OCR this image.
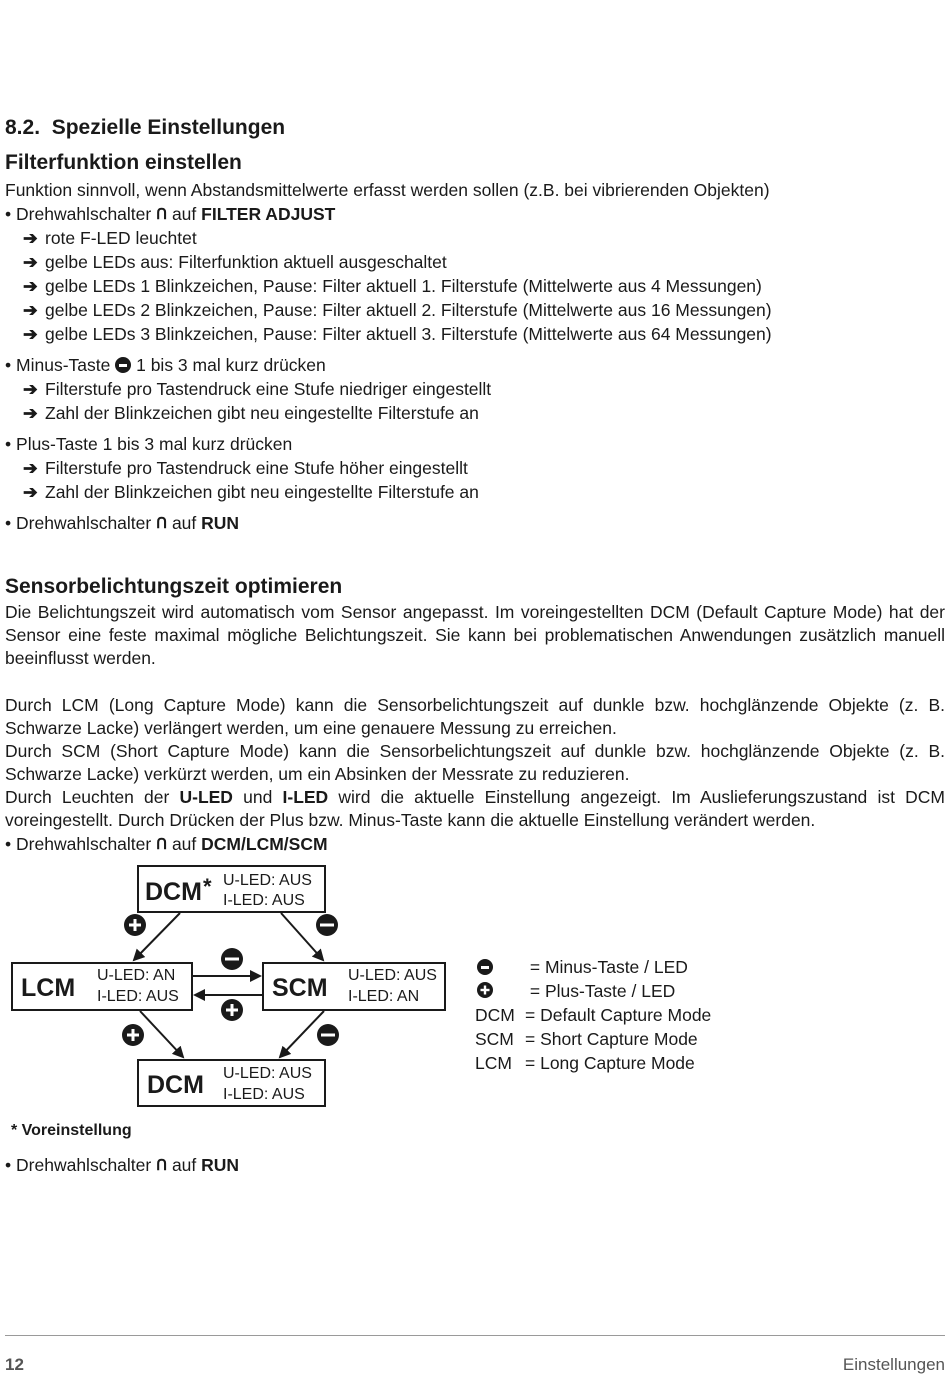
8.2. Spezielle Einstellungen
Filterfunktion einstellen
Funktion sinnvoll, wenn Abstandsmittelwerte erfasst werden sollen (z.B. bei vibrierenden Objekten)
• Drehwahlschalter ᑎ auf FILTER ADJUST
➔ rote F-LED leuchtet
➔ gelbe LEDs aus: Filterfunktion aktuell ausgeschaltet
➔ gelbe LEDs 1 Blinkzeichen, Pause: Filter aktuell 1. Filterstufe (Mittelwerte aus 4 Messungen)
➔ gelbe LEDs 2 Blinkzeichen, Pause: Filter aktuell 2. Filterstufe (Mittelwerte aus 16 Messungen)
➔ gelbe LEDs 3 Blinkzeichen, Pause: Filter aktuell 3. Filterstufe (Mittelwerte aus 64 Messungen)
• Minus-Taste 1 bis 3 mal kurz drücken
➔ Filterstufe pro Tastendruck eine Stufe niedriger eingestellt
➔ Zahl der Blinkzeichen gibt neu eingestellte Filterstufe an
• Plus-Taste 1 bis 3 mal kurz drücken
➔ Filterstufe pro Tastendruck eine Stufe höher eingestellt
➔ Zahl der Blinkzeichen gibt neu eingestellte Filterstufe an
• Drehwahlschalter ᑎ auf RUN
Sensorbelichtungszeit optimieren
Die Belichtungszeit wird automatisch vom Sensor angepasst. Im voreingestellten DCM (Default Capture Mode) hat der Sensor eine feste maximal mögliche Belichtungszeit. Sie kann bei problematischen Anwendungen zusätzlich manuell beeinflusst werden.
Durch LCM (Long Capture Mode) kann die Sensorbelichtungszeit auf dunkle bzw. hochglänzende Objekte (z. B. Schwarze Lacke) verlängert werden, um eine genauere Messung zu erreichen.
Durch SCM (Short Capture Mode) kann die Sensorbelichtungszeit auf dunkle bzw. hochglänzende Objekte (z. B. Schwarze Lacke) verkürzt werden, um ein Absinken der Messrate zu reduzieren.
Durch Leuchten der U-LED und I-LED wird die aktuelle Einstellung angezeigt. Im Auslieferungszustand ist DCM voreingestellt. Durch Drücken der Plus bzw. Minus-Taste kann die aktuelle Einstellung verändert werden.
• Drehwahlschalter ᑎ auf DCM/LCM/SCM
DCM * U-LED: AUS
I-LED: AUS
LCM U-LED: AN
I-LED: AUS	SCM U-LED: AUS
I-LED: AN
DCM U-LED: AUS
I-LED: AUS
= Minus-Taste / LED
= Plus-Taste / LED
DCM = Default Capture Mode
SCM = Short Capture Mode
LCM = Long Capture Mode
* Voreinstellung
• Drehwahlschalter ᑎ auf RUN
12	Einstellungen
